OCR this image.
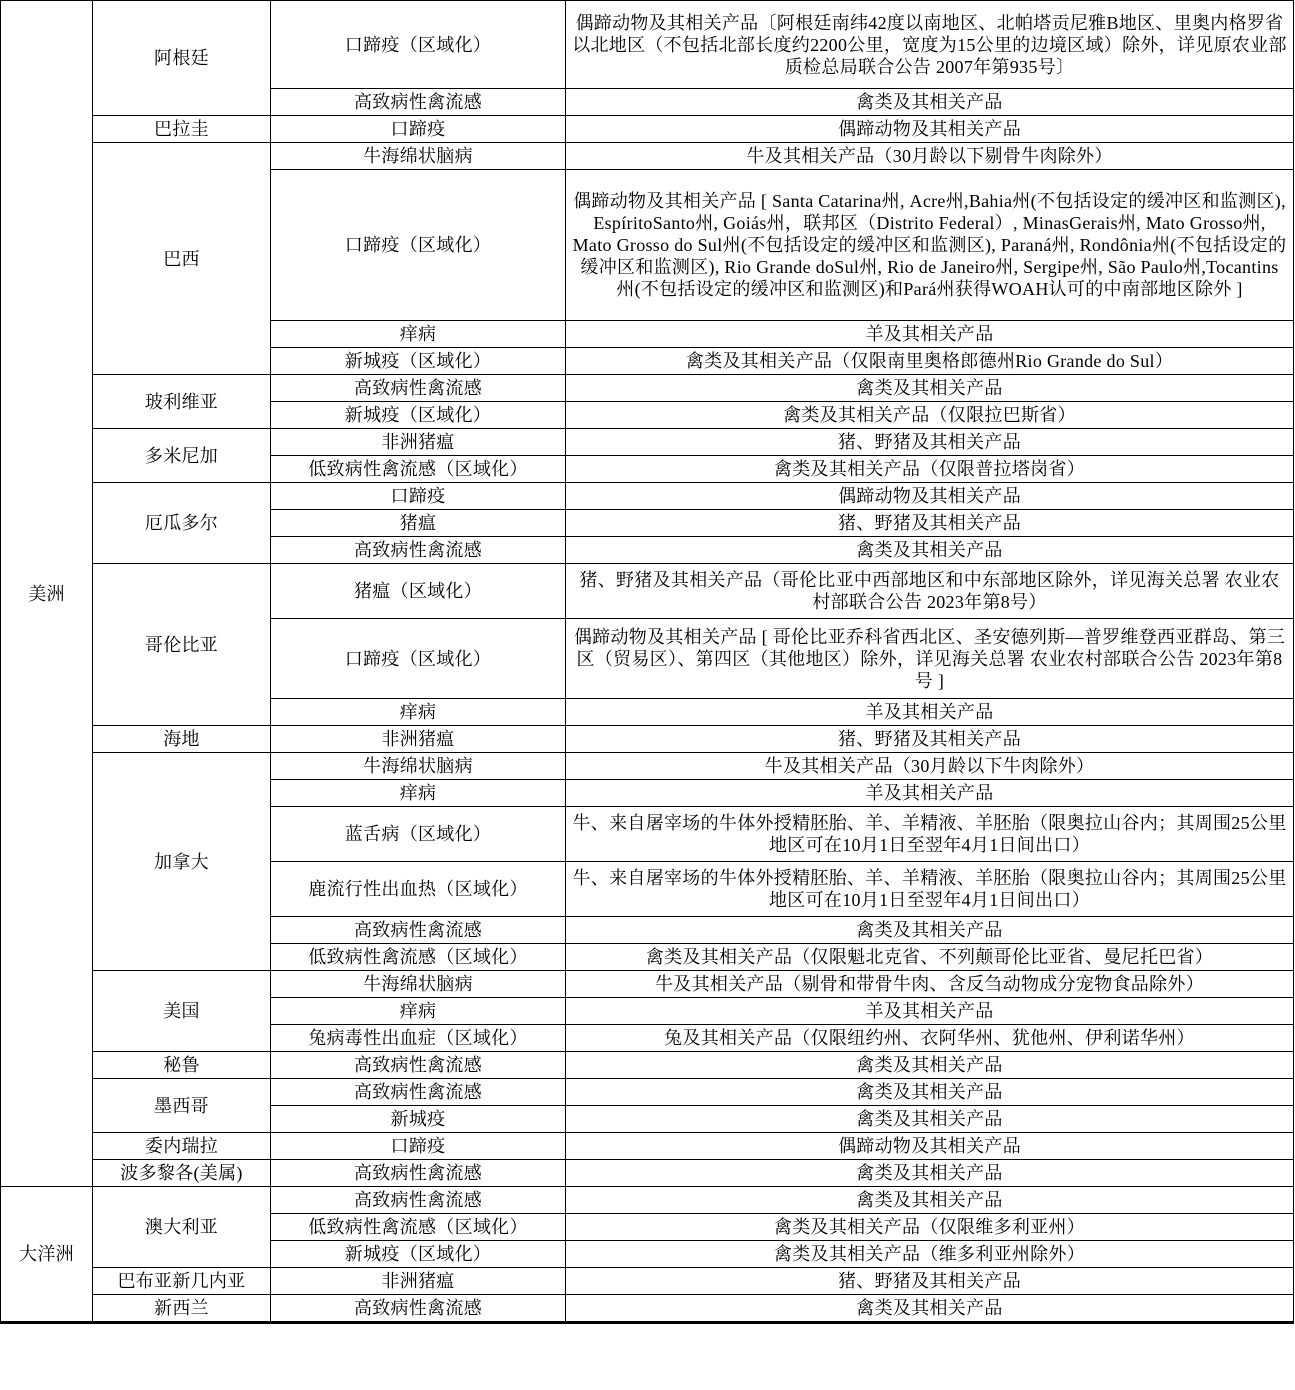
美洲	阿根廷	口蹄疫（区域化）	偶蹄动物及其相关产品〔阿根廷南纬42度以南地区、北帕塔贡尼雅B地区、里奥内格罗省以北地区（不包括北部长度约2200公里，宽度为15公里的边境区域）除外，详见原农业部 质检总局联合公告 2007年第935号〕
		高致病性禽流感	禽类及其相关产品
	巴拉圭	口蹄疫	偶蹄动物及其相关产品
	巴西	牛海绵状脑病	牛及其相关产品（30月龄以下剔骨牛肉除外）
		口蹄疫（区域化）	偶蹄动物及其相关产品 [ Santa Catarina州, Acre州,Bahia州(不包括设定的缓冲区和监测区), EspíritoSanto州, Goiás州，联邦区（Distrito Federal）, MinasGerais州, Mato Grosso州, Mato Grosso do Sul州(不包括设定的缓冲区和监测区), Paraná州, Rondônia州(不包括设定的缓冲区和监测区), Rio Grande doSul州, Rio de Janeiro州, Sergipe州, São Paulo州,Tocantins州(不包括设定的缓冲区和监测区)和Pará州获得WOAH认可的中南部地区除外 ]
		痒病	羊及其相关产品
		新城疫（区域化）	禽类及其相关产品（仅限南里奥格郎德州Rio Grande do Sul）
	玻利维亚	高致病性禽流感	禽类及其相关产品
		新城疫（区域化）	禽类及其相关产品（仅限拉巴斯省）
	多米尼加	非洲猪瘟	猪、野猪及其相关产品
		低致病性禽流感（区域化）	禽类及其相关产品（仅限普拉塔岗省）
	厄瓜多尔	口蹄疫	偶蹄动物及其相关产品
		猪瘟	猪、野猪及其相关产品
		高致病性禽流感	禽类及其相关产品
	哥伦比亚	猪瘟（区域化）	猪、野猪及其相关产品（哥伦比亚中西部地区和中东部地区除外，详见海关总署 农业农村部联合公告 2023年第8号）
		口蹄疫（区域化）	偶蹄动物及其相关产品 [ 哥伦比亚乔科省西北区、圣安德列斯—普罗维登西亚群岛、第三区（贸易区）、第四区（其他地区）除外，详见海关总署 农业农村部联合公告 2023年第8号 ]
		痒病	羊及其相关产品
	海地	非洲猪瘟	猪、野猪及其相关产品
	加拿大	牛海绵状脑病	牛及其相关产品（30月龄以下牛肉除外）
		痒病	羊及其相关产品
		蓝舌病（区域化）	牛、来自屠宰场的牛体外授精胚胎、羊、羊精液、羊胚胎（限奥拉山谷内；其周围25公里地区可在10月1日至翌年4月1日间出口）
		鹿流行性出血热（区域化）	牛、来自屠宰场的牛体外授精胚胎、羊、羊精液、羊胚胎（限奥拉山谷内；其周围25公里地区可在10月1日至翌年4月1日间出口）
		高致病性禽流感	禽类及其相关产品
		低致病性禽流感（区域化）	禽类及其相关产品（仅限魁北克省、不列颠哥伦比亚省、曼尼托巴省）
	美国	牛海绵状脑病	牛及其相关产品（剔骨和带骨牛肉、含反刍动物成分宠物食品除外）
		痒病	羊及其相关产品
		兔病毒性出血症（区域化）	兔及其相关产品（仅限纽约州、衣阿华州、犹他州、伊利诺华州）
	秘鲁	高致病性禽流感	禽类及其相关产品
	墨西哥	高致病性禽流感	禽类及其相关产品
		新城疫	禽类及其相关产品
	委内瑞拉	口蹄疫	偶蹄动物及其相关产品
	波多黎各(美属)	高致病性禽流感	禽类及其相关产品
大洋洲	澳大利亚	高致病性禽流感	禽类及其相关产品
		低致病性禽流感（区域化）	禽类及其相关产品（仅限维多利亚州）
		新城疫（区域化）	禽类及其相关产品（维多利亚州除外）
	巴布亚新几内亚	非洲猪瘟	猪、野猪及其相关产品
	新西兰	高致病性禽流感	禽类及其相关产品
